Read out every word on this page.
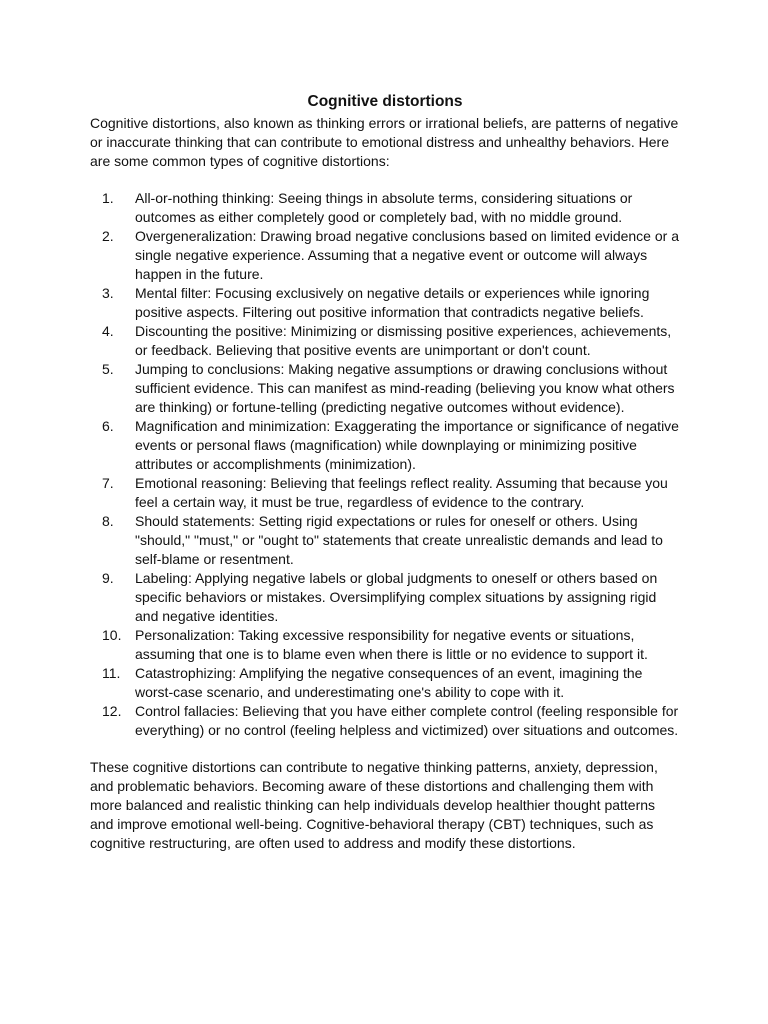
Cognitive distortions

Cognitive distortions, also known as thinking errors or irrational beliefs, are patterns of negative or inaccurate thinking that can contribute to emotional distress and unhealthy behaviors. Here are some common types of cognitive distortions:

1.	All-or-nothing thinking: Seeing things in absolute terms, considering situations or outcomes as either completely good or completely bad, with no middle ground.
2.	Overgeneralization: Drawing broad negative conclusions based on limited evidence or a single negative experience. Assuming that a negative event or outcome will always happen in the future.
3.	Mental filter: Focusing exclusively on negative details or experiences while ignoring positive aspects. Filtering out positive information that contradicts negative beliefs.
4.	Discounting the positive: Minimizing or dismissing positive experiences, achievements, or feedback. Believing that positive events are unimportant or don't count.
5.	Jumping to conclusions: Making negative assumptions or drawing conclusions without sufficient evidence. This can manifest as mind-reading (believing you know what others are thinking) or fortune-telling (predicting negative outcomes without evidence).
6.	Magnification and minimization: Exaggerating the importance or significance of negative events or personal flaws (magnification) while downplaying or minimizing positive attributes or accomplishments (minimization).
7.	Emotional reasoning: Believing that feelings reflect reality. Assuming that because you feel a certain way, it must be true, regardless of evidence to the contrary.
8.	Should statements: Setting rigid expectations or rules for oneself or others. Using "should," "must," or "ought to" statements that create unrealistic demands and lead to self-blame or resentment.
9.	Labeling: Applying negative labels or global judgments to oneself or others based on specific behaviors or mistakes. Oversimplifying complex situations by assigning rigid and negative identities.
10. Personalization: Taking excessive responsibility for negative events or situations, assuming that one is to blame even when there is little or no evidence to support it.
11.	Catastrophizing: Amplifying the negative consequences of an event, imagining the worst-case scenario, and underestimating one's ability to cope with it.
12. Control fallacies: Believing that you have either complete control (feeling responsible for everything) or no control (feeling helpless and victimized) over situations and outcomes.

These cognitive distortions can contribute to negative thinking patterns, anxiety, depression, and problematic behaviors. Becoming aware of these distortions and challenging them with more balanced and realistic thinking can help individuals develop healthier thought patterns and improve emotional well-being. Cognitive-behavioral therapy (CBT) techniques, such as cognitive restructuring, are often used to address and modify these distortions.
